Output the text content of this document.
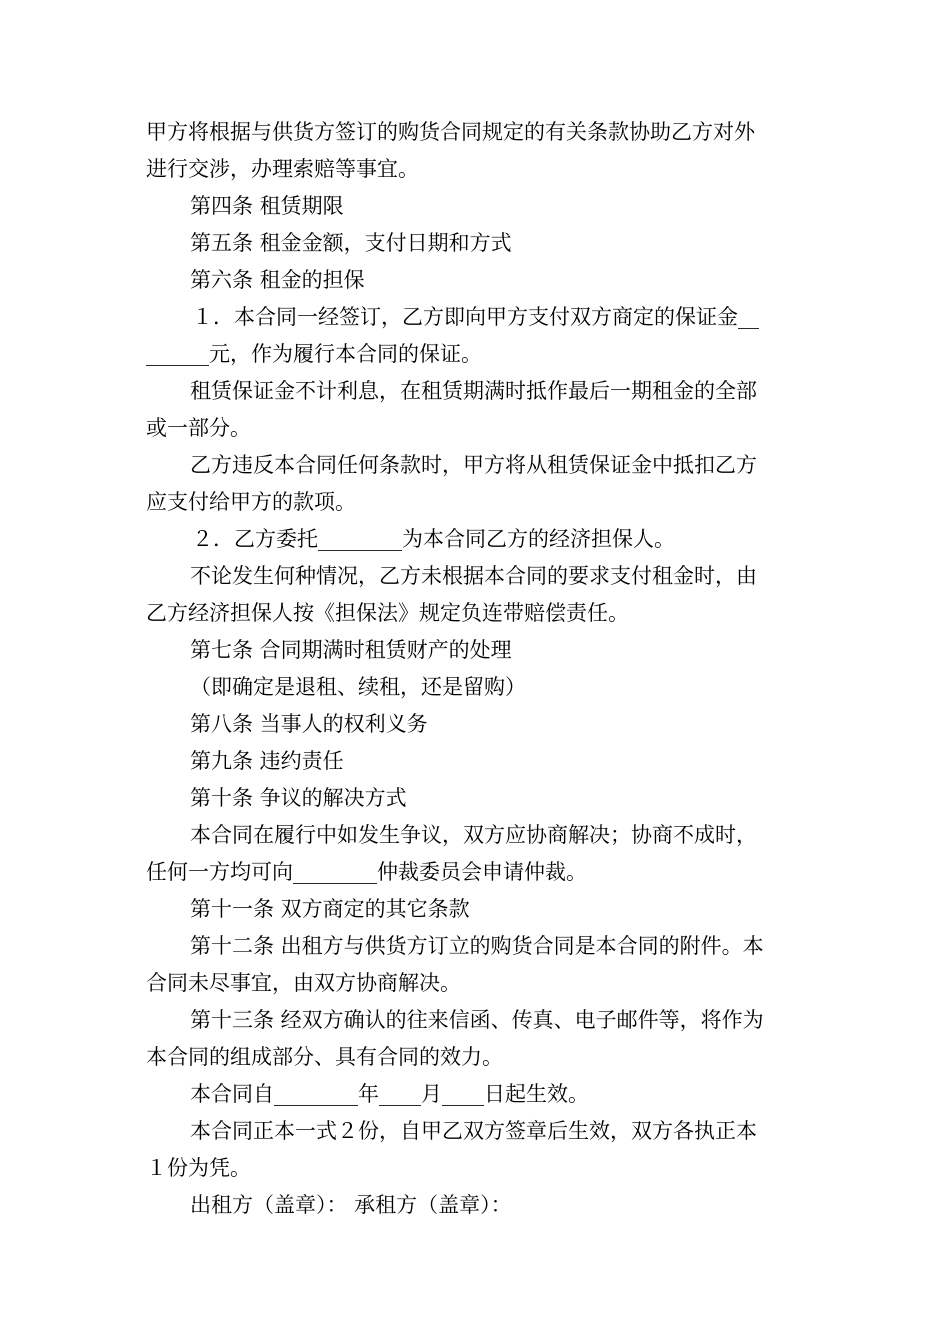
甲方将根据与供货方签订的购货合同规定的有关条款协助乙方对外
进行交涉，办理索赔等事宜。

第四条 租赁期限

第五条 租金金额，支付日期和方式

第六条 租金的担保

１．本合同一经签订，乙方即向甲方支付双方商定的保证金__
______元，作为履行本合同的保证。

租赁保证金不计利息，在租赁期满时抵作最后一期租金的全部
或一部分。

乙方违反本合同任何条款时，甲方将从租赁保证金中抵扣乙方
应支付给甲方的款项。

２．乙方委托________为本合同乙方的经济担保人。

不论发生何种情况，乙方未根据本合同的要求支付租金时，由
乙方经济担保人按《担保法》规定负连带赔偿责任。

第七条 合同期满时租赁财产的处理

（即确定是退租、续租，还是留购）

第八条 当事人的权利义务

第九条 违约责任

第十条 争议的解决方式

本合同在履行中如发生争议，双方应协商解决；协商不成时，
任何一方均可向________仲裁委员会申请仲裁。

第十一条 双方商定的其它条款

第十二条 出租方与供货方订立的购货合同是本合同的附件。本
合同未尽事宜，由双方协商解决。

第十三条 经双方确认的往来信函、传真、电子邮件等，将作为
本合同的组成部分、具有合同的效力。

本合同自________年____月____日起生效。

本合同正本一式２份，自甲乙双方签章后生效，双方各执正本
１份为凭。

出租方（盖章）： 承租方（盖章）：
